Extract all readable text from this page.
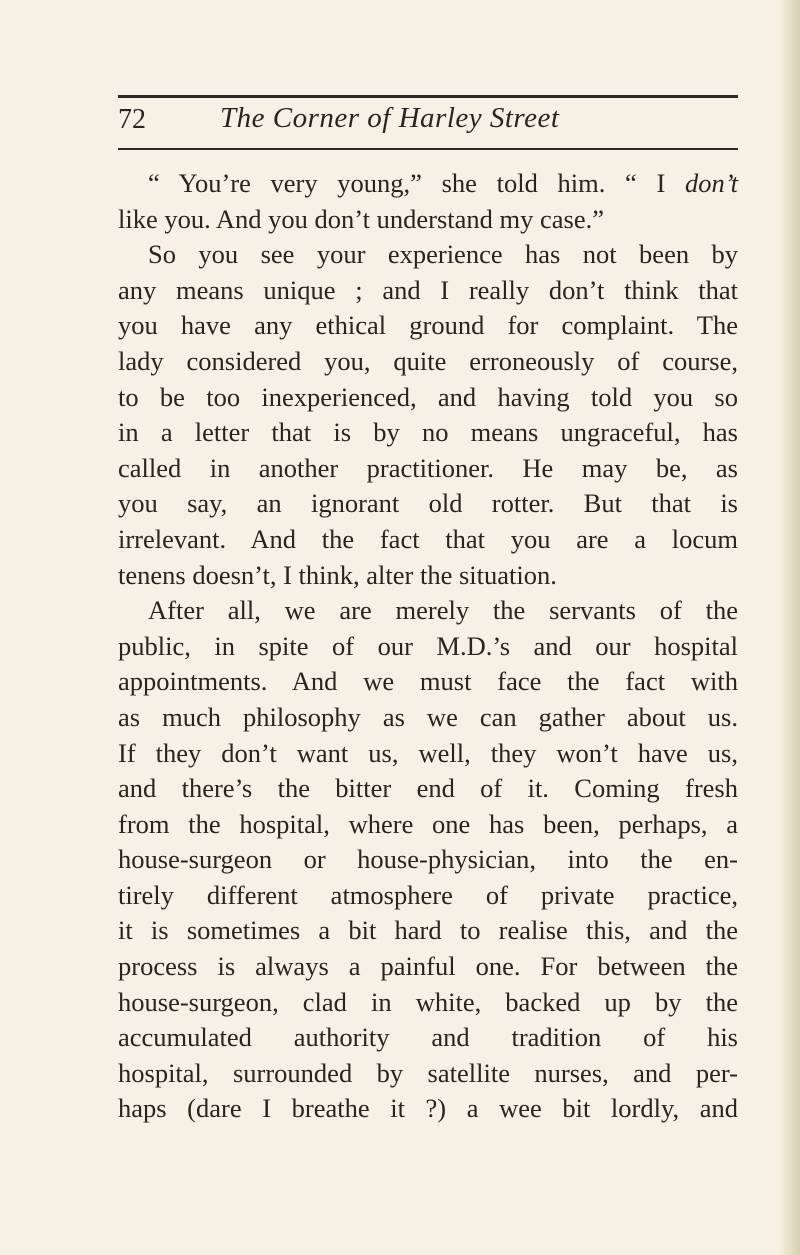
72	The Corner of Harley Street
“ You’re very young,” she told him. “ I don’t
like you. And you don’t understand my case.”
So you see your experience has not been by
any means unique ; and I really don’t think that
you have any ethical ground for complaint. The
lady considered you, quite erroneously of course,
to be too inexperienced, and having told you so
in a letter that is by no means ungraceful, has
called in another practitioner. He may be, as
you say, an ignorant old rotter. But that is
irrelevant. And the fact that you are a locum
tenens doesn’t, I think, alter the situation.
After all, we are merely the servants of the
public, in spite of our M.D.’s and our hospital
appointments. And we must face the fact with
as much philosophy as we can gather about us.
If they don’t want us, well, they won’t have us,
and there’s the bitter end of it. Coming fresh
from the hospital, where one has been, perhaps, a
house-surgeon or house-physician, into the en-
tirely different atmosphere of private practice,
it is sometimes a bit hard to realise this, and the
process is always a painful one. For between the
house-surgeon, clad in white, backed up by the
accumulated authority and tradition of his
hospital, surrounded by satellite nurses, and per-
haps (dare I breathe it ?) a wee bit lordly, and
